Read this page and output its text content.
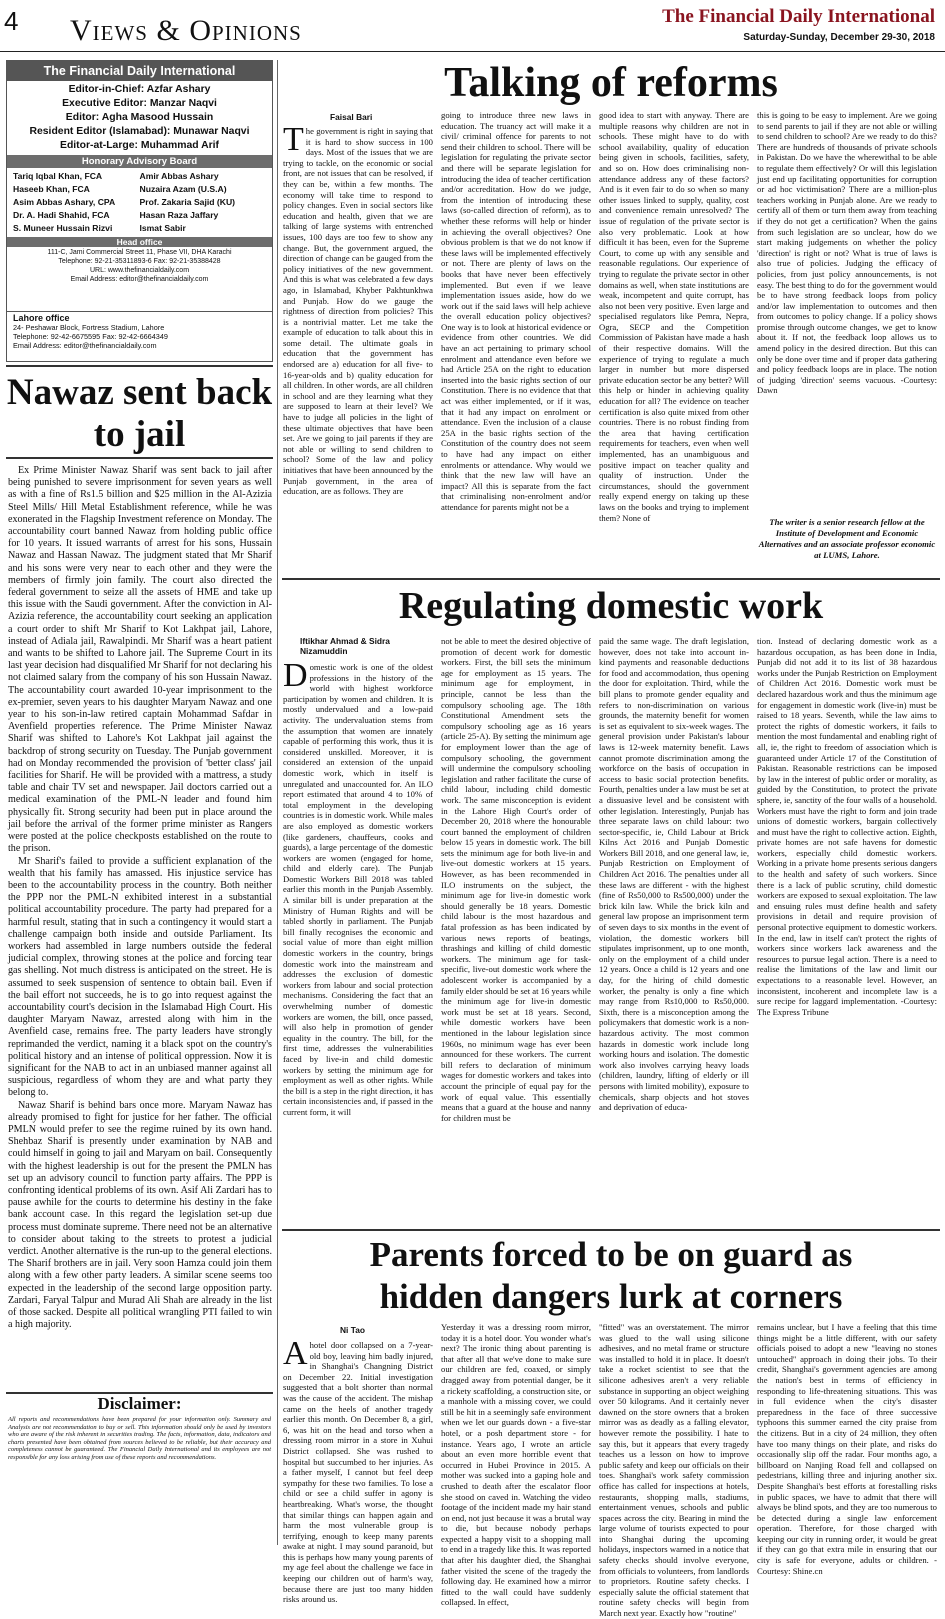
4 Views & Opinions	The Financial Daily International
Saturday-Sunday, December 29-30, 2018
The Financial Daily International
Editor-in-Chief: Azfar Ashary
Executive Editor: Manzar Naqvi
Editor: Agha Masood Hussain
Resident Editor (Islamabad): Munawar Naqvi
Editor-at-Large: Muhammad Arif
Honorary Advisory Board
Tariq Iqbal Khan, FCA	Amir Abbas Ashary
Haseeb Khan, FCA	Nuzaira Azam (U.S.A)
Asim Abbas Ashary, CPA	Prof. Zakaria Sajid (KU)
Dr. A. Hadi Shahid, FCA	Hasan Raza Jaffary
S. Muneer Hussain Rizvi	Ismat Sabir
Head office
111-C, Jami Commercial Street 11, Phase VII, DHA Karachi
Telephone: 92-21-35311893-6 Fax: 92-21-35388428
URL: www.thefinancialdaily.com
Email Address: editor@thefinancialdaily.com
Lahore office
24- Peshawar Block, Fortress Stadium, Lahore
Telephone: 92-42-6675595 Fax: 92-42-6664349
Email Address: editor@thefinancialdaily.com
Nawaz sent back to jail

Ex Prime Minister Nawaz Sharif was sent back to jail after being punished to severe imprisonment for seven years as well as with a fine of Rs1.5 billion and $25 million in the Al-Azizia Steel Mills/ Hill Metal Establishment reference, while he was exonerated in the Flagship Investment reference on Monday. The accountability court banned Nawaz from holding public office for 10 years. It issued warrants of arrest for his sons, Hussain Nawaz and Hassan Nawaz. The judgment stated that Mr Sharif and his sons were very near to each other and they were the members of firmly join family. The court also directed the federal government to seize all the assets of HME and take up this issue with the Saudi government. After the conviction in Al-Azizia reference, the accountability court seeking an application a court order to shift Mr Sharif to Kot Lakhpat jail, Lahore, instead of Adiala jail, Rawalpindi. Mr Sharif was a heart patient and wants to be shifted to Lahore jail. The Supreme Court in its last year decision had disqualified Mr Sharif for not declaring his not claimed salary from the company of his son Hussain Nawaz. The accountability court awarded 10-year imprisonment to the ex-premier, seven years to his daughter Maryam Nawaz and one year to his son-in-law retired captain Mohammad Safdar in Avenfield properties reference. The Prime Minister Nawaz Sharif was shifted to Lahore's Kot Lakhpat jail against the backdrop of strong security on Tuesday. The Punjab government had on Monday recommended the provision of 'better class' jail facilities for Sharif. He will be provided with a mattress, a study table and chair TV set and newspaper. Jail doctors carried out a medical examination of the PML-N leader and found him physically fit. Strong security had been put in place around the jail before the arrival of the former prime minister as Rangers were posted at the police checkposts established on the route to the prison.

Mr Sharif's failed to provide a sufficient explanation of the wealth that his family has amassed. His injustice service has been to the accountability process in the country. Both neither the PPP nor the PML-N exhibited interest in a substantial political accountability procedure. The party had prepared for a harmful result, stating that in such a contingency it would start a challenge campaign both inside and outside Parliament. Its workers had assembled in large numbers outside the federal judicial complex, throwing stones at the police and forcing tear gas shelling. Not much distress is anticipated on the street. He is assumed to seek suspension of sentence to obtain bail. Even if the bail effort not succeeds, he is to go into request against the accountability court's decision in the Islamabad High Court. His daughter Maryam Nawaz, arrested along with him in the Avenfield case, remains free. The party leaders have strongly reprimanded the verdict, naming it a black spot on the country's political history and an intense of political oppression. Now it is significant for the NAB to act in an unbiased manner against all suspicious, regardless of whom they are and what party they belong to.

Nawaz Sharif is behind bars once more. Maryam Nawaz has already promised to fight for justice for her father. The official PMLN would prefer to see the regime ruined by its own hand. Shehbaz Sharif is presently under examination by NAB and could himself in going to jail and Maryam on bail. Consequently with the highest leadership is out for the present the PMLN has set up an advisory council to function party affairs. The PPP is confronting identical problems of its own. Asif Ali Zardari has to pause awhile for the courts to determine his destiny in the fake bank account case. In this regard the legislation set-up due process must dominate supreme. There need not be an alternative to consider about taking to the streets to protest a judicial verdict. Another alternative is the run-up to the general elections. The Sharif brothers are in jail. Very soon Hamza could join them along with a few other party leaders. A similar scene seems too expected in the leadership of the second large opposition party. Zardari, Faryal Talpur and Murad Ali Shah are already in the list of those sacked. Despite all political wrangling PTI failed to win a high majority.

Disclaimer:
All reports and recommendations have been prepared for your information only. Summary and Analysis are not recommendation to buy or sell. This information should only be used by investors who are aware of the risk inherent in securities trading. The facts, information, data, indicators and charts presented have been obtained from sources believed to be reliable, but their accuracy and completeness cannot be guaranteed. The Financial Daily International and its employees are not responsible for any loss arising from use of these reports and recommendations.
Talking of reforms
Faisal Bari
The government is right in saying that it is hard to show success in 100 days. Most of the issues that we are trying to tackle, on the economic or social front, are not issues that can be resolved, if they can be, within a few months. The economy will take time to respond to policy changes. Even in social sectors like education and health, given that we are talking of large systems with entrenched issues, 100 days are too few to show any change. But, the government argued, the direction of change can be gauged from the policy initiatives of the new government. And this is what was celebrated a few days ago, in Islamabad, Khyber Pakhtunkhwa and Punjab. How do we gauge the rightness of direction from policies? This is a nontrivial matter. Let me take the example of education to talk about this in some detail. The ultimate goals in education that the government has endorsed are a) education for all five- to 16-year-olds and b) quality education for all children. In other words, are all children in school and are they learning what they are supposed to learn at their level? We have to judge all policies in the light of these ultimate objectives that have been set. Are we going to jail parents if they are not able or willing to send children to school? Some of the law and policy initiatives that have been announced by the Punjab government, in the area of education, are as follows. They are
going to introduce three new laws in education. The truancy act will make it a civil/ criminal offence for parents to not send their children to school. There will be legislation for regulating the private sector and there will be separate legislation for introducing the idea of teacher certification and/or accreditation. How do we judge, from the intention of introducing these laws (so-called direction of reform), as to whether these reforms will help or hinder in achieving the overall objectives? One obvious problem is that we do not know if these laws will be implemented effectively or not. There are plenty of laws on the books that have never been effectively implemented. But even if we leave implementation issues aside, how do we work out if the said laws will help achieve the overall education policy objectives? One way is to look at historical evidence or evidence from other countries. We did have an act pertaining to primary school enrolment and attendance even before we had Article 25A on the right to education inserted into the basic rights section of our Constitution. There is no evidence that that act was either implemented, or if it was, that it had any impact on enrolment or attendance. Even the inclusion of a clause 25A in the basic rights section of the Constitution of the country does not seem to have had any impact on either enrolments or attendance. Why would we think that the new law will have an impact? All this is separate from the fact that criminalising non-enrolment and/or attendance for parents might not be a
good idea to start with anyway. There are multiple reasons why children are not in schools. These might have to do with school availability, quality of education being given in schools, facilities, safety, and so on. How does criminalising non-attendance address any of these factors? And is it even fair to do so when so many other issues linked to supply, quality, cost and convenience remain unresolved? The issue of regulation of the private sector is also very problematic. Look at how difficult it has been, even for the Supreme Court, to come up with any sensible and reasonable regulations. Our experience of trying to regulate the private sector in other domains as well, when state institutions are weak, incompetent and quite corrupt, has also not been very positive. Even large and specialised regulators like Pemra, Nepra, Ogra, SECP and the Competition Commission of Pakistan have made a hash of their respective domains. Will the experience of trying to regulate a much larger in number but more dispersed private education sector be any better? Will this help or hinder in achieving quality education for all? The evidence on teacher certification is also quite mixed from other countries. There is no robust finding from the area that having certification requirements for teachers, even when well implemented, has an unambiguous and positive impact on teacher quality and quality of instruction. Under the circumstances, should the government really expend energy on taking up these laws on the books and trying to implement them? None of
this is going to be easy to implement. Are we going to send parents to jail if they are not able or willing to send children to school? Are we ready to do this? There are hundreds of thousands of private schools in Pakistan. Do we have the wherewithal to be able to regulate them effectively? Or will this legislation just end up facilitating opportunities for corruption or ad hoc victimisation? There are a million-plus teachers working in Punjab alone. Are we ready to certify all of them or turn them away from teaching if they do not get a certification? When the gains from such legislation are so unclear, how do we start making judgements on whether the policy 'direction' is right or not? What is true of laws is also true of policies. Judging the efficacy of policies, from just policy announcements, is not easy. The best thing to do for the government would be to have strong feedback loops from policy and/or law implementation to outcomes and then from outcomes to policy change. If a policy shows promise through outcome changes, we get to know about it. If not, the feedback loop allows us to amend policy in the desired direction. But this can only be done over time and if proper data gathering and policy feedback loops are in place. The notion of judging 'direction' seems vacuous. -Courtesy: Dawn
The writer is a senior research fellow at the Institute of Development and Economic Alternatives and an associate professor economic at LUMS, Lahore.
Regulating domestic work
Iftikhar Ahmad & Sidra Nizamuddin
Domestic work is one of the oldest professions in the history of the world with highest workforce participation by women and children. It is mostly undervalued and a low-paid activity. The undervaluation stems from the assumption that women are innately capable of performing this work, thus it is considered unskilled. Moreover, it is considered an extension of the unpaid domestic work, which in itself is unregulated and unaccounted for. An ILO report estimated that around 4 to 10% of total employment in the developing countries is in domestic work. While males are also employed as domestic workers (like gardeners, chauffeurs, cooks and guards), a large percentage of the domestic workers are women (engaged for home, child and elderly care). The Punjab Domestic Workers Bill 2018 was tabled earlier this month in the Punjab Assembly. A similar bill is under preparation at the Ministry of Human Rights and will be tabled shortly in parliament. The Punjab bill finally recognises the economic and social value of more than eight million domestic workers in the country, brings domestic work into the mainstream and addresses the exclusion of domestic workers from labour and social protection mechanisms. Considering the fact that an overwhelming number of domestic workers are women, the bill, once passed, will also help in promotion of gender equality in the country. The bill, for the first time, addresses the vulnerabilities faced by live-in and child domestic workers by setting the minimum age for employment as well as other rights. While the bill is a step in the right direction, it has certain inconsistencies and, if passed in the current form, it will
not be able to meet the desired objective of promotion of decent work for domestic workers. First, the bill sets the minimum age for employment as 15 years. The minimum age for employment, in principle, cannot be less than the compulsory schooling age. The 18th Constitutional Amendment sets the compulsory schooling age as 16 years (article 25-A). By setting the minimum age for employment lower than the age of compulsory schooling, the government will undermine the compulsory schooling legislation and rather facilitate the curse of child labour, including child domestic work. The same misconception is evident in the Lahore High Court's order of December 20, 2018 where the honourable court banned the employment of children below 15 years in domestic work. The bill sets the minimum age for both live-in and live-out domestic workers at 15 years. However, as has been recommended in ILO instruments on the subject, the minimum age for live-in domestic work should generally be 18 years. Domestic child labour is the most hazardous and fatal profession as has been indicated by various news reports of beatings, thrashings and killing of child domestic workers. The minimum age for task-specific, live-out domestic work where the adolescent worker is accompanied by a family elder should be set at 16 years while the minimum age for live-in domestic work must be set at 18 years. Second, while domestic workers have been mentioned in the labour legislation since 1960s, no minimum wage has ever been announced for these workers. The current bill refers to declaration of minimum wages for domestic workers and takes into account the principle of equal pay for the work of equal value. This essentially means that a guard at the house and nanny for children must be
paid the same wage. The draft legislation, however, does not take into account in-kind payments and reasonable deductions for food and accommodation, thus opening the door for exploitation. Third, while the bill plans to promote gender equality and refers to non-discrimination on various grounds, the maternity benefit for women is set as equivalent to six-week wages. The general provision under Pakistan's labour laws is 12-week maternity benefit. Laws cannot promote discrimination among the workforce on the basis of occupation in access to basic social protection benefits. Fourth, penalties under a law must be set at a dissuasive level and be consistent with other legislation. Interestingly, Punjab has three separate laws on child labour: two sector-specific, ie, Child Labour at Brick Kilns Act 2016 and Punjab Domestic Workers Bill 2018, and one general law, ie, Punjab Restriction on Employment of Children Act 2016. The penalties under all these laws are different - with the highest (fine of Rs50,000 to Rs500,000) under the brick kiln law. While the brick kiln and general law propose an imprisonment term of seven days to six months in the event of violation, the domestic workers bill stipulates imprisonment, up to one month, only on the employment of a child under 12 years. Once a child is 12 years and one day, for the hiring of child domestic worker, the penalty is only a fine which may range from Rs10,000 to Rs50,000. Sixth, there is a misconception among the policymakers that domestic work is a non-hazardous activity. The most common hazards in domestic work include long working hours and isolation. The domestic work also involves carrying heavy loads (children, laundry, lifting of elderly or ill persons with limited mobility), exposure to chemicals, sharp objects and hot stoves and deprivation of educa-
tion. Instead of declaring domestic work as a hazardous occupation, as has been done in India, Punjab did not add it to its list of 38 hazardous works under the Punjab Restriction on Employment of Children Act 2016. Domestic work must be declared hazardous work and thus the minimum age for engagement in domestic work (live-in) must be raised to 18 years. Seventh, while the law aims to protect the rights of domestic workers, it fails to mention the most fundamental and enabling right of all, ie, the right to freedom of association which is guaranteed under Article 17 of the Constitution of Pakistan. Reasonable restrictions can be imposed by law in the interest of public order or morality, as guided by the Constitution, to protect the private sphere, ie, sanctity of the four walls of a household. Workers must have the right to form and join trade unions of domestic workers, bargain collectively and must have the right to collective action. Eighth, private homes are not safe havens for domestic workers, especially child domestic workers. Working in a private home presents serious dangers to the health and safety of such workers. Since there is a lack of public scrutiny, child domestic workers are exposed to sexual exploitation. The law and ensuing rules must define health and safety provisions in detail and require provision of personal protective equipment to domestic workers. In the end, law in itself can't protect the rights of workers since workers lack awareness and the resources to pursue legal action. There is a need to realise the limitations of the law and limit our expectations to a reasonable level. However, an inconsistent, incoherent and incomplete law is a sure recipe for laggard implementation. -Courtesy: The Express Tribune
Parents forced to be on guard as
hidden dangers lurk at corners
Ni Tao
Ahotel door collapsed on a 7-year-old boy, leaving him badly injured, in Shanghai's Changning District on December 22. Initial investigation suggested that a bolt shorter than normal was the cause of the accident. The mishap came on the heels of another tragedy earlier this month. On December 8, a girl, 6, was hit on the head and torso when a dressing room mirror in a store in Xuhui District collapsed. She was rushed to hospital but succumbed to her injuries. As a father myself, I cannot but feel deep sympathy for these two families. To lose a child or see a child suffer in agony is heartbreaking. What's worse, the thought that similar things can happen again and harm the most vulnerable group is terrifying, enough to keep many parents awake at night. I may sound paranoid, but this is perhaps how many young parents of my age feel about the challenge we face in keeping our children out of harm's way, because there are just too many hidden risks around us.
Yesterday it was a dressing room mirror, today it is a hotel door. You wonder what's next? The ironic thing about parenting is that after all that we've done to make sure our children are fed, coaxed, or simply dragged away from potential danger, be it a rickety scaffolding, a construction site, or a manhole with a missing cover, we could still be hit in a seemingly safe environment when we let our guards down - a five-star hotel, or a posh department store - for instance. Years ago, I wrote an article about an even more horrible event that occurred in Hubei Province in 2015. A mother was sucked into a gaping hole and crushed to death after the escalator floor she stood on caved in. Watching the video footage of the incident made my hair stand on end, not just because it was a brutal way to die, but because nobody perhaps expected a happy visit to a shopping mall to end in a tragedy like this. It was reported that after his daughter died, the Shanghai father visited the scene of the tragedy the following day. He examined how a mirror fitted to the wall could have suddenly collapsed. In effect,
"fitted" was an overstatement. The mirror was glued to the wall using silicone adhesives, and no metal frame or structure was installed to hold it in place. It doesn't take a rocket scientist to see that the silicone adhesives aren't a very reliable substance in supporting an object weighing over 50 kilograms. And it certainly never dawned on the store owners that a broken mirror was as deadly as a falling elevator, however remote the possibility. I hate to say this, but it appears that every tragedy teaches us a lesson on how to improve public safety and keep our officials on their toes. Shanghai's work safety commission office has called for inspections at hotels, restaurants, shopping malls, stadiums, entertainment venues, schools and public spaces across the city. Bearing in mind the large volume of tourists expected to pour into Shanghai during the upcoming holidays, inspectors warned in a notice that safety checks should involve everyone, from officials to volunteers, from landlords to proprietors. Routine safety checks. I especially salute the official statement that routine safety checks will begin from March next year. Exactly how "routine"
remains unclear, but I have a feeling that this time things might be a little different, with our safety officials poised to adopt a new "leaving no stones untouched" approach in doing their jobs. To their credit, Shanghai's government agencies are among the nation's best in terms of efficiency in responding to life-threatening situations. This was in full evidence when the city's disaster preparedness in the face of three successive typhoons this summer earned the city praise from the citizens. But in a city of 24 million, they often have too many things on their plate, and risks do occasionally slip off the radar. Four months ago, a billboard on Nanjing Road fell and collapsed on pedestrians, killing three and injuring another six. Despite Shanghai's best efforts at forestalling risks in public spaces, we have to admit that there will always be blind spots, and they are too numerous to be detected during a single law enforcement operation. Therefore, for those charged with keeping our city in running order, it would be great if they can go that extra mile in ensuring that our city is safe for everyone, adults or children. -Courtesy: Shine.cn
